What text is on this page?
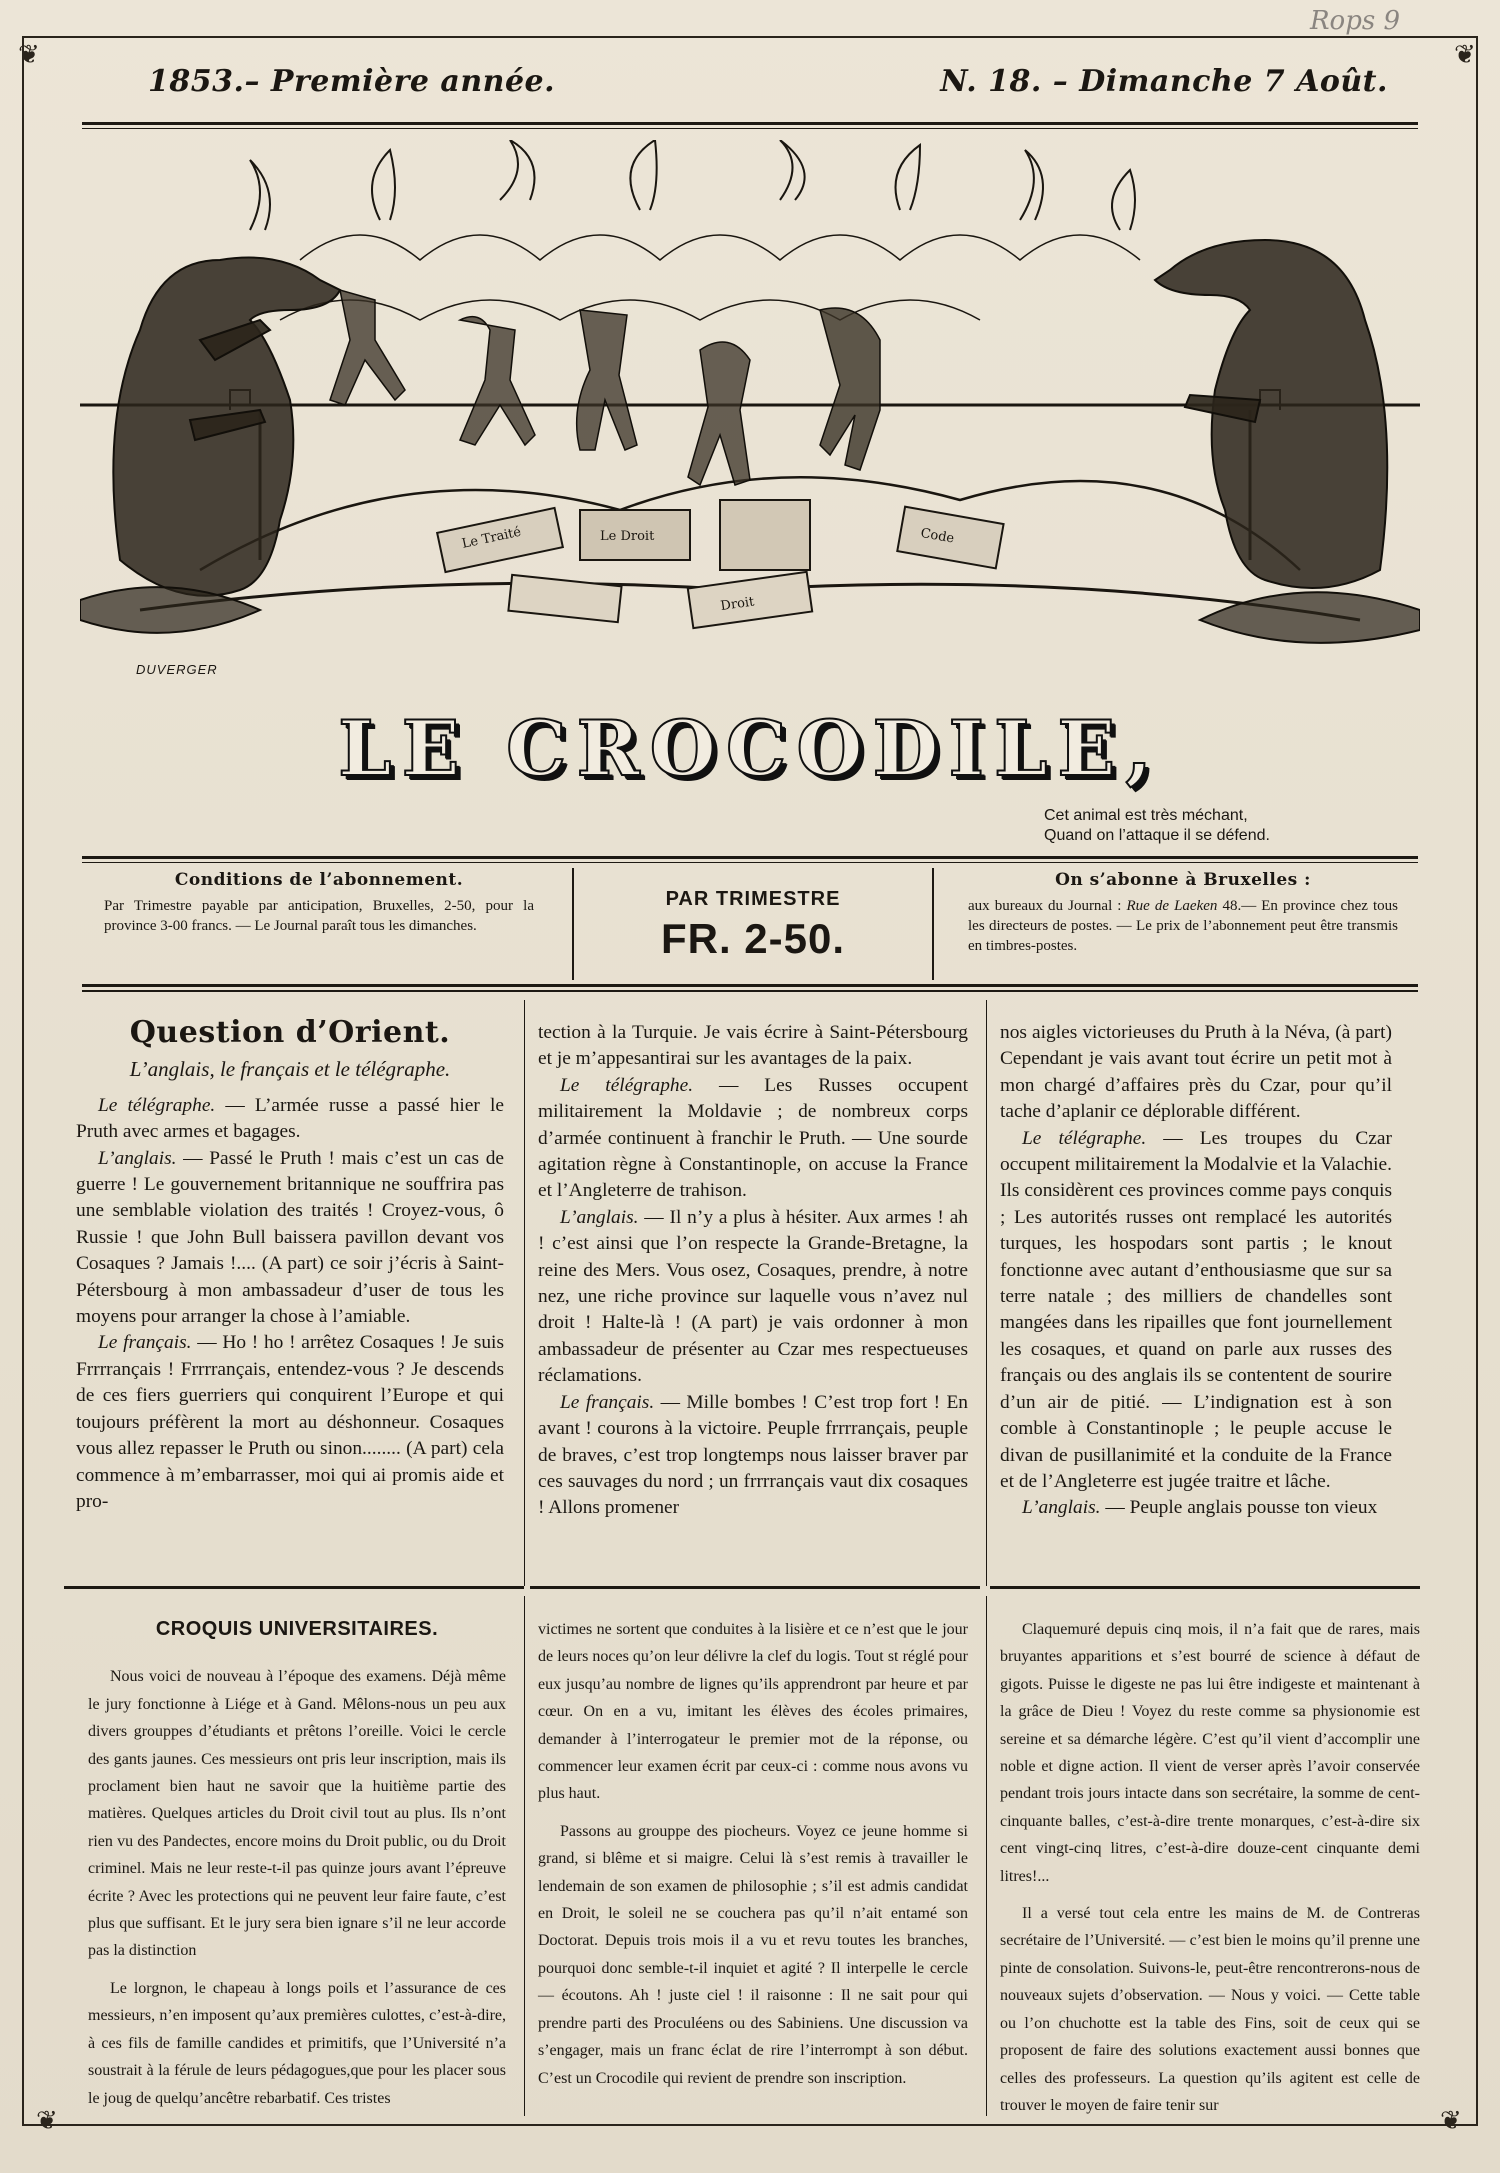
❦	❦
❦	❦
Rops 9
1853.– Première année.	N. 18. – Dimanche 7 Août.
Le Traité	Le Droit	Code
Droit
DUVERGER
LE CROCODILE,
Cet animal est très méchant,
Quand on l’attaque il se défend.
Conditions de l’abonnement.

Par Trimestre payable par anticipation, Bruxelles, 2-50, pour la province 3-00 francs. — Le Journal paraît tous les dimanches.

PAR TRIMESTRE
FR. 2-50.
On s’abonne à Bruxelles :

aux bureaux du Journal : Rue de Laeken 48.— En province chez tous les directeurs de postes. — Le prix de l’abonnement peut être transmis en timbres-postes.

Question d’Orient.

L’anglais, le français et le télégraphe.

Le télégraphe. — L’armée russe a passé hier le Pruth avec armes et bagages.

L’anglais. — Passé le Pruth ! mais c’est un cas de guerre ! Le gouvernement britannique ne souffrira pas une semblable violation des traités ! Croyez-vous, ô Russie ! que John Bull baissera pavillon devant vos Cosaques ? Jamais !.... (A part) ce soir j’écris à Saint-Pétersbourg à mon ambassadeur d’user de tous les moyens pour arranger la chose à l’amiable.

Le français. — Ho ! ho ! arrêtez Cosaques ! Je suis Frrrrançais ! Frrrrançais, entendez-vous ? Je descends de ces fiers guerriers qui conquirent l’Europe et qui toujours préfèrent la mort au déshonneur. Cosaques vous allez repasser le Pruth ou sinon........ (A part) cela commence à m’embarrasser, moi qui ai promis aide et pro-

tection à la Turquie. Je vais écrire à Saint-Pétersbourg et je m’appesantirai sur les avantages de la paix.

Le télégraphe. — Les Russes occupent militairement la Moldavie ; de nombreux corps d’armée continuent à franchir le Pruth. — Une sourde agitation règne à Constantinople, on accuse la France et l’Angleterre de trahison.

L’anglais. — Il n’y a plus à hésiter. Aux armes ! ah ! c’est ainsi que l’on respecte la Grande-Bretagne, la reine des Mers. Vous osez, Cosaques, prendre, à notre nez, une riche province sur laquelle vous n’avez nul droit ! Halte-là ! (A part) je vais ordonner à mon ambassadeur de présenter au Czar mes respectueuses réclamations.

Le français. — Mille bombes ! C’est trop fort ! En avant ! courons à la victoire. Peuple frrrrançais, peuple de braves, c’est trop longtemps nous laisser braver par ces sauvages du nord ; un frrrrançais vaut dix cosaques ! Allons promener

nos aigles victorieuses du Pruth à la Néva, (à part) Cependant je vais avant tout écrire un petit mot à mon chargé d’affaires près du Czar, pour qu’il tache d’aplanir ce déplorable différent.

Le télégraphe. — Les troupes du Czar occupent militairement la Modalvie et la Valachie. Ils considèrent ces provinces comme pays conquis ; Les autorités russes ont remplacé les autorités turques, les hospodars sont partis ; le knout fonctionne avec autant d’enthousiasme que sur sa terre natale ; des milliers de chandelles sont mangées dans les ripailles que font journellement les cosaques, et quand on parle aux russes des français ou des anglais ils se contentent de sourire d’un air de pitié. — L’indignation est à son comble à Constantinople ; le peuple accuse le divan de pusillanimité et la conduite de la France et de l’Angleterre est jugée traitre et lâche.

L’anglais. — Peuple anglais pousse ton vieux

CROQUIS UNIVERSITAIRES.

Nous voici de nouveau à l’époque des examens. Déjà même le jury fonctionne à Liége et à Gand. Mêlons-nous un peu aux divers grouppes d’étudiants et prêtons l’oreille. Voici le cercle des gants jaunes. Ces messieurs ont pris leur inscription, mais ils proclament bien haut ne savoir que la huitième partie des matières. Quelques articles du Droit civil tout au plus. Ils n’ont rien vu des Pandectes, encore moins du Droit public, ou du Droit criminel. Mais ne leur reste-t-il pas quinze jours avant l’épreuve écrite ? Avec les protections qui ne peuvent leur faire faute, c’est plus que suffisant. Et le jury sera bien ignare s’il ne leur accorde pas la distinction

Le lorgnon, le chapeau à longs poils et l’assurance de ces messieurs, n’en imposent qu’aux premières culottes, c’est-à-dire, à ces fils de famille candides et primitifs, que l’Université n’a soustrait à la férule de leurs pédagogues,que pour les placer sous le joug de quelqu’ancêtre rebarbatif. Ces tristes

victimes ne sortent que conduites à la lisière et ce n’est que le jour de leurs noces qu’on leur délivre la clef du logis. Tout st réglé pour eux jusqu’au nombre de lignes qu’ils apprendront par heure et par cœur. On en a vu, imitant les élèves des écoles primaires, demander à l’interrogateur le premier mot de la réponse, ou commencer leur examen écrit par ceux-ci : comme nous avons vu plus haut.

Passons au grouppe des piocheurs. Voyez ce jeune homme si grand, si blême et si maigre. Celui là s’est remis à travailler le lendemain de son examen de philosophie ; s’il est admis candidat en Droit, le soleil ne se couchera pas qu’il n’ait entamé son Doctorat. Depuis trois mois il a vu et revu toutes les branches, pourquoi donc semble-t-il inquiet et agité ? Il interpelle le cercle — écoutons. Ah ! juste ciel ! il raisonne : Il ne sait pour qui prendre parti des Proculéens ou des Sabiniens. Une discussion va s’engager, mais un franc éclat de rire l’interrompt à son début. C’est un Crocodile qui revient de prendre son inscription.

Claquemuré depuis cinq mois, il n’a fait que de rares, mais bruyantes apparitions et s’est bourré de science à défaut de gigots. Puisse le digeste ne pas lui être indigeste et maintenant à la grâce de Dieu ! Voyez du reste comme sa physionomie est sereine et sa démarche légère. C’est qu’il vient d’accomplir une noble et digne action. Il vient de verser après l’avoir conservée pendant trois jours intacte dans son secrétaire, la somme de cent-cinquante balles, c’est-à-dire trente monarques, c’est-à-dire six cent vingt-cinq litres, c’est-à-dire douze-cent cinquante demi litres!...

Il a versé tout cela entre les mains de M. de Contreras secrétaire de l’Université. — c’est bien le moins qu’il prenne une pinte de consolation. Suivons-le, peut-être rencontrerons-nous de nouveaux sujets d’observation. — Nous y voici. — Cette table ou l’on chuchotte est la table des Fins, soit de ceux qui se proposent de faire des solutions exactement aussi bonnes que celles des professeurs. La question qu’ils agitent est celle de trouver le moyen de faire tenir sur
